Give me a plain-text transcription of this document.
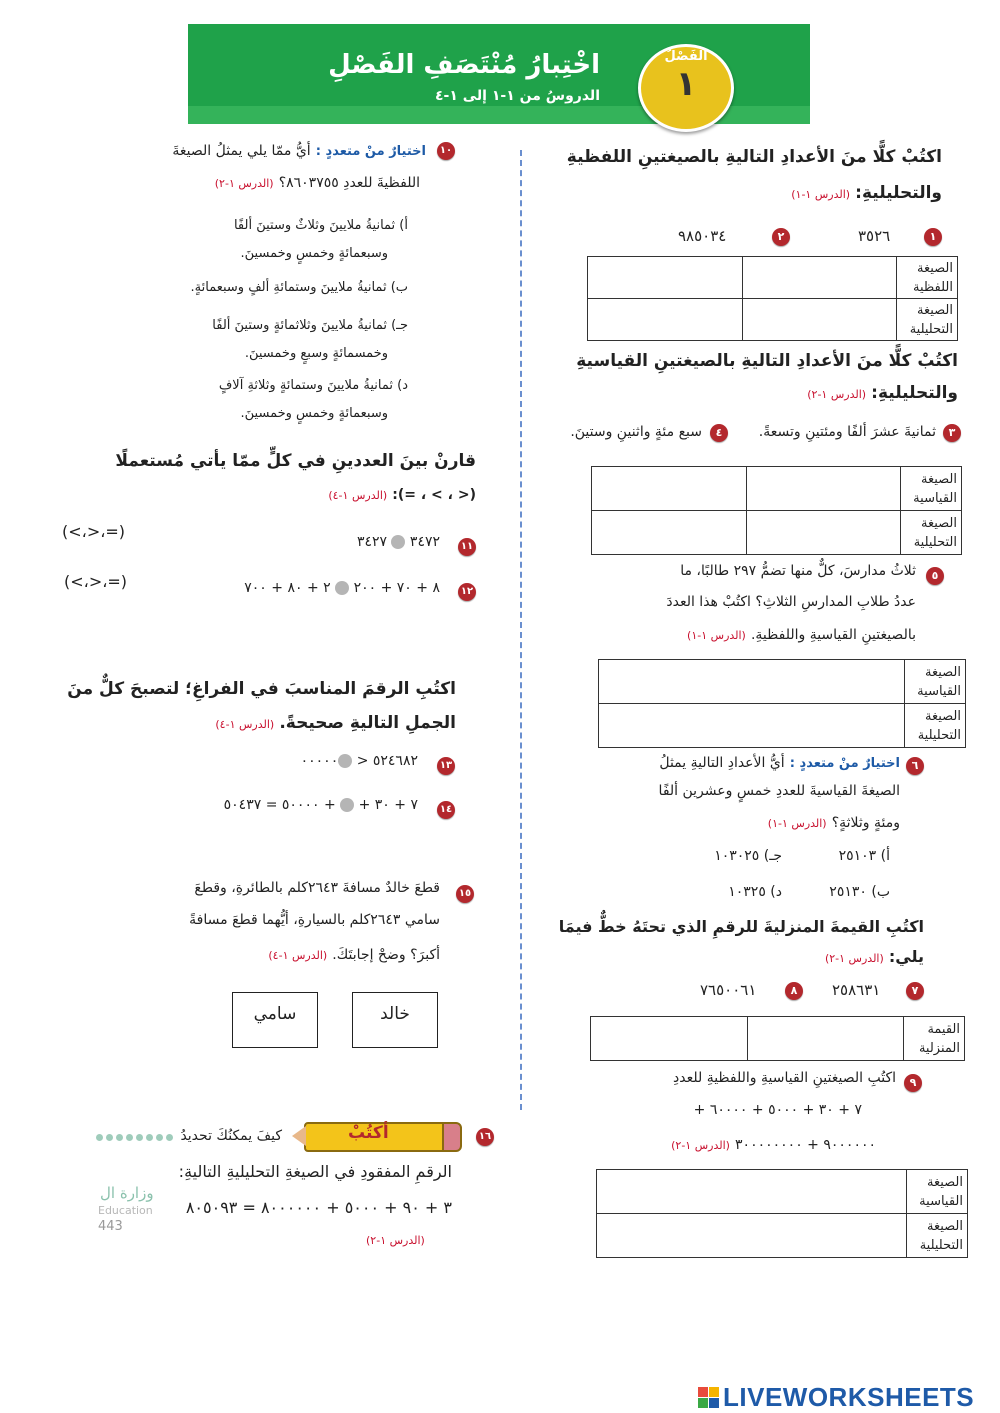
اخْتِبارُ مُنْتَصَفِ الفَصْلِ
الدروسُ من ١-١ إلى ١-٤
الفَصْلُ
١
اكتُبْ كلًّا منَ الأعدادِ التاليةِ بالصيغتينِ اللفظيةِ
والتحليليةِ: (الدرس ١-١)
١
٣٥٢٦
٢
٩٨٥٠٣٤
الصيغة اللفظية		
الصيغة التحليلية		
اكتُبْ كلًّا منَ الأعدادِ التاليةِ بالصيغتينِ القياسيةِ
والتحليليةِ: (الدرس ١-٢)
٣
ثمانيةَ عشرَ ألفًا ومئتينِ وتسعةً.
٤
سبع مئةٍ واثنينِ وستينَ.
الصيغة القياسية		
الصيغة التحليلية		
٥
ثلاثُ مدارسَ، كلٌّ منها تضمُّ ٢٩٧ طالبًا، ما
عددُ طلابِ المدارسِ الثلاثِ؟ اكتُبْ هذا العددَ
بالصيغتينِ القياسيةِ واللفظيةِ. (الدرس ١-١)
الصيغة القياسية	
الصيغة التحليلية	
٦
اختيارٌ منْ متعددٍ : أيُّ الأعدادِ التاليةِ يمثلُ
الصيغةَ القياسيةَ للعددِ خمسٍ وعشرين ألفًا
ومئةٍ وثلاثةٍ؟ (الدرس ١-١)
أ) ٢٥١٠٣
جـ) ١٠٣٠٢٥
ب) ٢٥١٣٠
د) ١٠٣٢٥
اكتُبِ القيمةَ المنزليةَ للرقمِ الذي تحتَهُ خطٌّ فيمَا
يلي: (الدرس ١-٢)
٧
٢٥٨٦٣١
٨
٧٦٥٠٠٦١
القيمة المنزلية		
٩
اكتُبِ الصيغتينِ القياسيةِ واللفظيةِ للعددِ
٧ + ٣٠ + ٥٠٠٠ + ٦٠٠٠٠ +
٩٠٠٠٠٠٠ + ٣٠٠٠٠٠٠٠٠ (الدرس ١-٢)
الصيغة القياسية	
الصيغة التحليلية	
١٠
اختيارٌ منْ متعددٍ : أيُّ ممّا يلي يمثلُ الصيغةَ
اللفظيةَ للعددِ ٨٦٠٣٧٥٥؟ (الدرس ١-٢)
أ) ثمانيةُ ملايينَ وثلاثٌ وستينَ ألفًا
وسبعمائةٍ وخمسٍ وخمسينَ.
ب) ثمانيةُ ملايينَ وستمائةِ ألفٍ وسبعمائةٍ.
جـ) ثمانيةُ ملايينَ وثلاثمائةٍ وستينَ ألفًا
وخمسمائةٍ وسبعٍ وخمسينَ.
د) ثمانيةُ ملايينَ وستمائةٍ وثلاثةِ آلافٍ
وسبعمائةٍ وخمسٍ وخمسينَ.
قارنْ بينَ العددينِ في كلٍّ ممّا يأتي مُستعملًا
(< ، > ، =): (الدرس ١-٤)
١١
٣٤٧٢  ٣٤٢٧
(<،>،=)
١٢
٨ + ٧٠ + ٢٠٠  ٢ + ٨٠ + ٧٠٠
(<،>،=)
اكتُبِ الرقمَ المناسبَ في الفراغِ؛ لتصبحَ كلٌّ منَ
الجملِ التاليةِ صحيحةً. (الدرس ١-٤)
١٣
٥٢٤٦٨٢ < ٠٠٠٠٠
١٤
٧ + ٣٠ +  + ٥٠٠٠٠ = ٥٠٤٣٧
١٥
قطعَ خالدٌ مسافةَ ٢٦٤٣كلم بالطائرةِ، وقطعَ
سامي ٢٦٤٣كلم بالسيارةِ، أيُّهما قطعَ مسافةً
أكبرَ؟ وضحْ إجابتَكَ. (الدرس ١-٤)
خالد
سامي
١٦
أكتُبْ
كيفَ يمكنُكَ تحديدُ
الرقمِ المفقودِ في الصيغةِ التحليليةِ التاليةِ:
٣ + ٩٠ + ٥٠٠٠ + ٨٠٠٠٠٠٠ = ٨٠٥٠٩٣
(الدرس ١-٢)
وزارة ال
Education
443
LIVEWORKSHEETS
